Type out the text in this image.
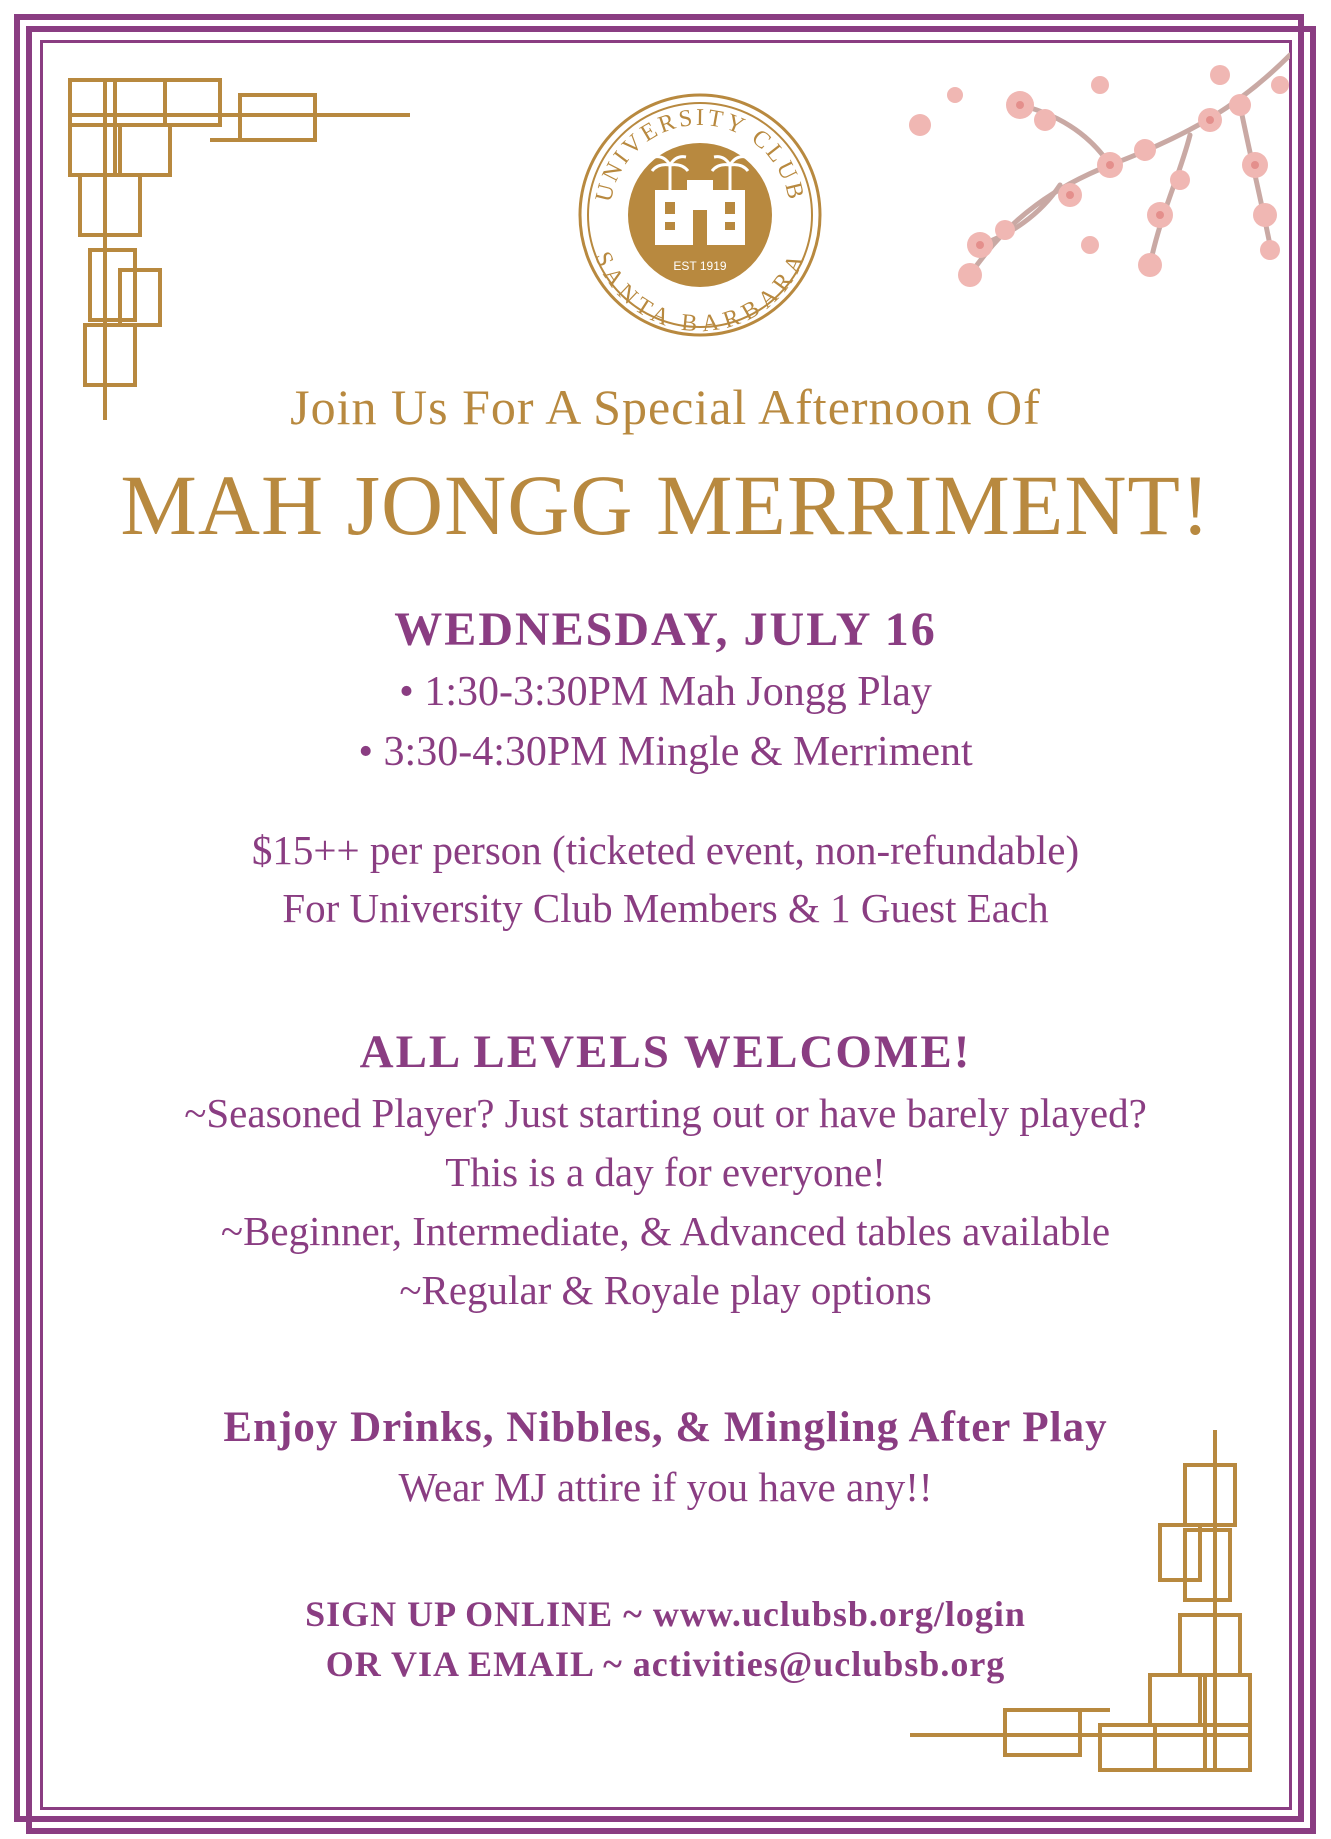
UNIVERSITY CLUB
SANTA BARBARA
EST 1919
Join Us For A Special Afternoon Of
MAH JONGG MERRIMENT!
WEDNESDAY, JULY 16
• 1:30-3:30PM Mah Jongg Play
• 3:30-4:30PM Mingle & Merriment
$15++ per person (ticketed event, non-refundable)
For University Club Members & 1 Guest Each
ALL LEVELS WELCOME!
~Seasoned Player? Just starting out or have barely played?
This is a day for everyone!
~Beginner, Intermediate, & Advanced tables available
~Regular & Royale play options
Enjoy Drinks, Nibbles, & Mingling After Play
Wear MJ attire if you have any!!
SIGN UP ONLINE ~ www.uclubsb.org/login
OR VIA EMAIL ~ activities@uclubsb.org
